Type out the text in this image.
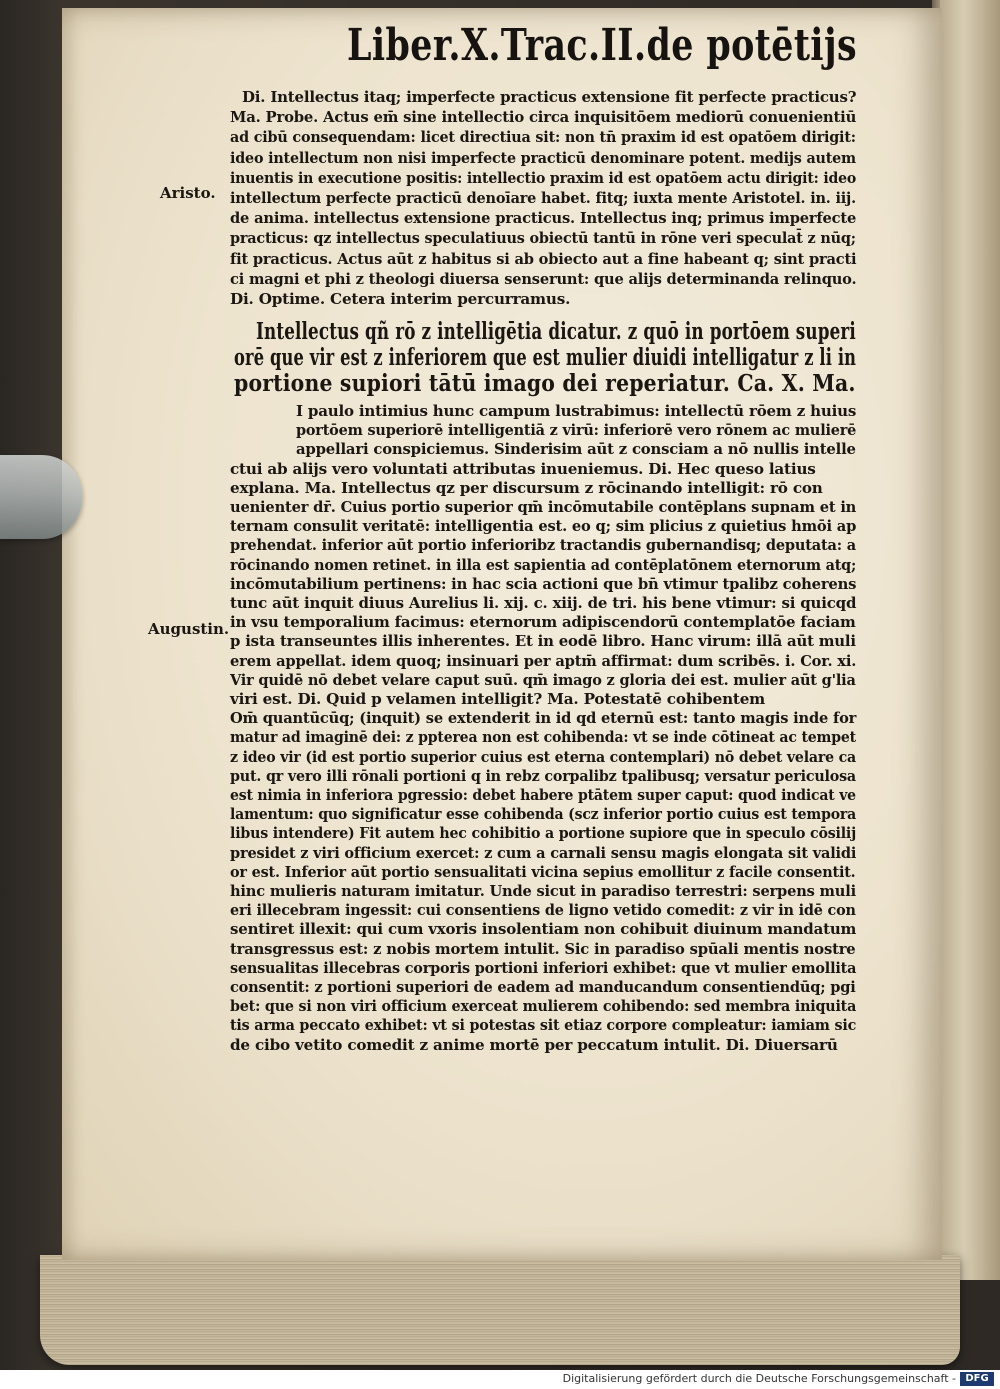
Liber.X.Trac.II.de potētijs
Aristo.
Augustin.
Di. Intellectus itaq; imperfecte practicus extensione fit perfecte practicus?
Ma. Probe. Actus em̄ sine intellectio circa inquisitōem mediorū conuenientiū
ad cibū consequendam: licet directiua sit: non tn̄ praxim id est opatōem dirigit:
ideo intellectum non nisi imperfecte practicū denominare potent. medijs autem
inuentis in executione positis: intellectio praxim id est opatōem actu dirigit: ideo
intellectum perfecte practicū denoīare habet. fitq; iuxta mente Aristotel. in. iij.
de anima. intellectus extensione practicus. Intellectus inq; primus imperfecte
practicus: qz intellectus speculatiuus obiectū tantū in rōne veri speculat̄ z nūq;
fit practicus. Actus aūt z habitus si ab obiecto aut a fine habeant q; sint practi
ci magni et phi z theologi diuersa senserunt: que alijs determinanda relinquo.
Di. Optime. Cetera interim percurramus.
Intellectus qñ rō z intelligētia dicatur. z quō in portōem superi
orē que vir est z inferiorem que est mulier diuidi intelligatur z li in
portione supiori tātū imago dei reperiatur. Ca. X. Ma.
I paulo intimius hunc campum lustrabimus: intellectū rōem z huius
portōem superiorē intelligentiā z virū: inferiorē vero rōnem ac mulierē
appellari conspiciemus. Sinderisim aūt z consciam a nō nullis intelle
ctui ab alijs vero voluntati attributas inueniemus. Di. Hec queso latius
explana. Ma. Intellectus qz per discursum z rōcinando intelligit: rō con
uenienter dr̄. Cuius portio superior qm̄ incōmutabile contēplans supnam et in
ternam consulit veritatē: intelligentia est. eo q; sim plicius z quietius hmōi ap
prehendat. inferior aūt portio inferioribz tractandis gubernandisq; deputata: a
rōcinando nomen retinet. in illa est sapientia ad contēplatōnem eternorum atq;
incōmutabilium pertinens: in hac scia actioni que bn̄ vtimur tpalibz coherens
tunc aūt inquit diuus Aurelius li. xij. c. xiij. de tri. his bene vtimur: si quicqd
in vsu temporalium facimus: eternorum adipiscendorū contemplatōe faciam
p ista transeuntes illis inherentes. Et in eodē libro. Hanc virum: illā aūt muli
erem appellat. idem quoq; insinuari per aptm̄ affirmat: dum scribēs. i. Cor. xi.
Vir quidē nō debet velare caput suū. qm̄ imago z gloria dei est. mulier aūt g'lia
viri est. Di. Quid p velamen intelligit? Ma. Potestatē cohibentem
Om̄ quantūcūq; (inquit) se extenderit in id qd eternū est: tanto magis inde for
matur ad imaginē dei: z ppterea non est cohibenda: vt se inde cōtineat ac tempet
z ideo vir (id est portio superior cuius est eterna contemplari) nō debet velare ca
put. qr vero illi rōnali portioni q in rebz corpalibz tpalibusq; versatur periculosa
est nimia in inferiora pgressio: debet habere ptātem super caput: quod indicat ve
lamentum: quo significatur esse cohibenda (scz inferior portio cuius est tempora
libus intendere) Fit autem hec cohibitio a portione supiore que in speculo cōsilij
presidet z viri officium exercet: z cum a carnali sensu magis elongata sit validi
or est. Inferior aūt portio sensualitati vicina sepius emollitur z facile consentit.
hinc mulieris naturam imitatur. Unde sicut in paradiso terrestri: serpens muli
eri illecebram ingessit: cui consentiens de ligno vetido comedit: z vir in idē con
sentiret illexit: qui cum vxoris insolentiam non cohibuit diuinum mandatum
transgressus est: z nobis mortem intulit. Sic in paradiso spūali mentis nostre
sensualitas illecebras corporis portioni inferiori exhibet: que vt mulier emollita
consentit: z portioni superiori de eadem ad manducandum consentiendūq; pgi
bet: que si non viri officium exerceat mulierem cohibendo: sed membra iniquita
tis arma peccato exhibet: vt si potestas sit etiaz corpore compleatur: iamiam sic
de cibo vetito comedit z anime mortē per peccatum intulit. Di. Diuersarū
Digitalisierung gefördert durch die Deutsche Forschungsgemeinschaft - DFG
